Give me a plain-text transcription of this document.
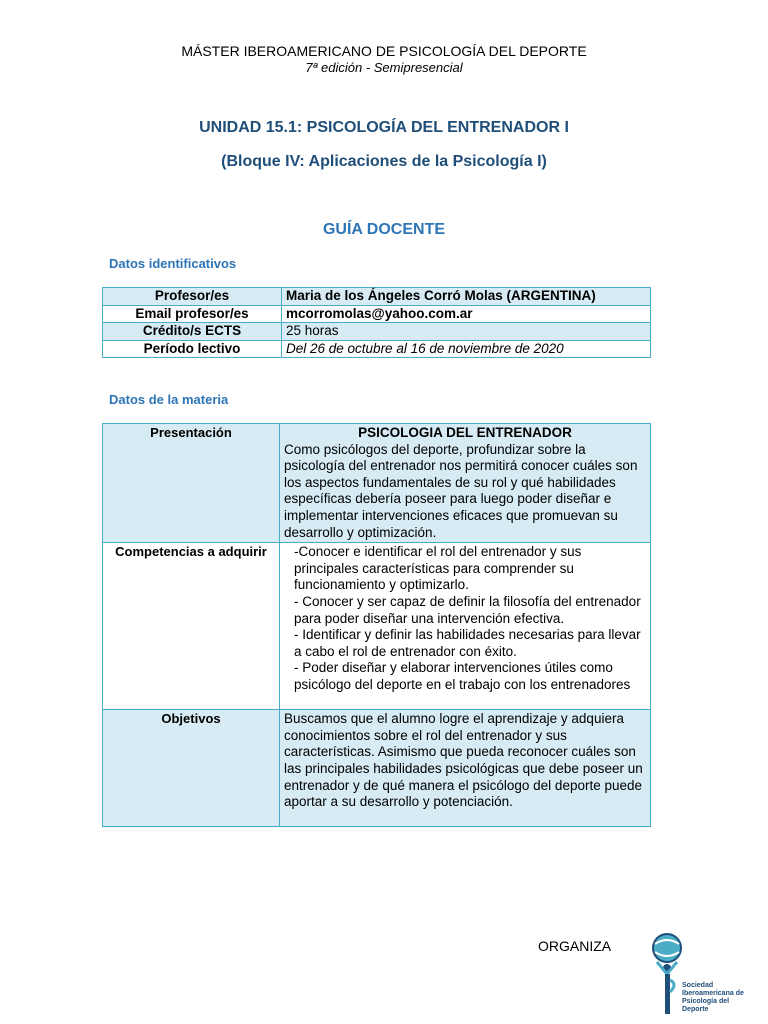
MÁSTER IBEROAMERICANO DE PSICOLOGÍA DEL DEPORTE
7ª edición - Semipresencial
UNIDAD 15.1: PSICOLOGÍA DEL ENTRENADOR I
(Bloque IV: Aplicaciones de la Psicología I)
GUÍA DOCENTE
Datos identificativos
Profesor/es	Maria de los Ángeles Corró Molas (ARGENTINA)
Email profesor/es	mcorromolas@yahoo.com.ar
Crédito/s ECTS	25 horas
Período lectivo	Del 26 de octubre al 16 de noviembre de 2020
Datos de la materia
Presentación	PSICOLOGIA DEL ENTRENADOR
Como psicólogos del deporte, profundizar sobre la psicología del entrenador nos permitirá conocer cuáles son los aspectos fundamentales de su rol y qué habilidades específicas debería poseer para luego poder diseñar e implementar intervenciones eficaces que promuevan su desarrollo y optimización.

Competencias a adquirir	-Conocer e identificar el rol del entrenador y sus principales características para comprender su funcionamiento y optimizarlo.
- Conocer y ser capaz de definir la filosofía del entrenador para poder diseñar una intervención efectiva.
- Identificar y definir las habilidades necesarias para llevar a cabo el rol de entrenador con éxito.
- Poder diseñar y elaborar intervenciones útiles como psicólogo del deporte en el trabajo con los entrenadores

Objetivos	Buscamos que el alumno logre el aprendizaje y adquiera conocimientos sobre el rol del entrenador y sus características. Asimismo que pueda reconocer cuáles son las principales habilidades psicológicas que debe poseer un entrenador y de qué manera el psicólogo del deporte puede aportar a su desarrollo y potenciación.
ORGANIZA
Sociedad Iberoamericana de Psicología del Deporte
